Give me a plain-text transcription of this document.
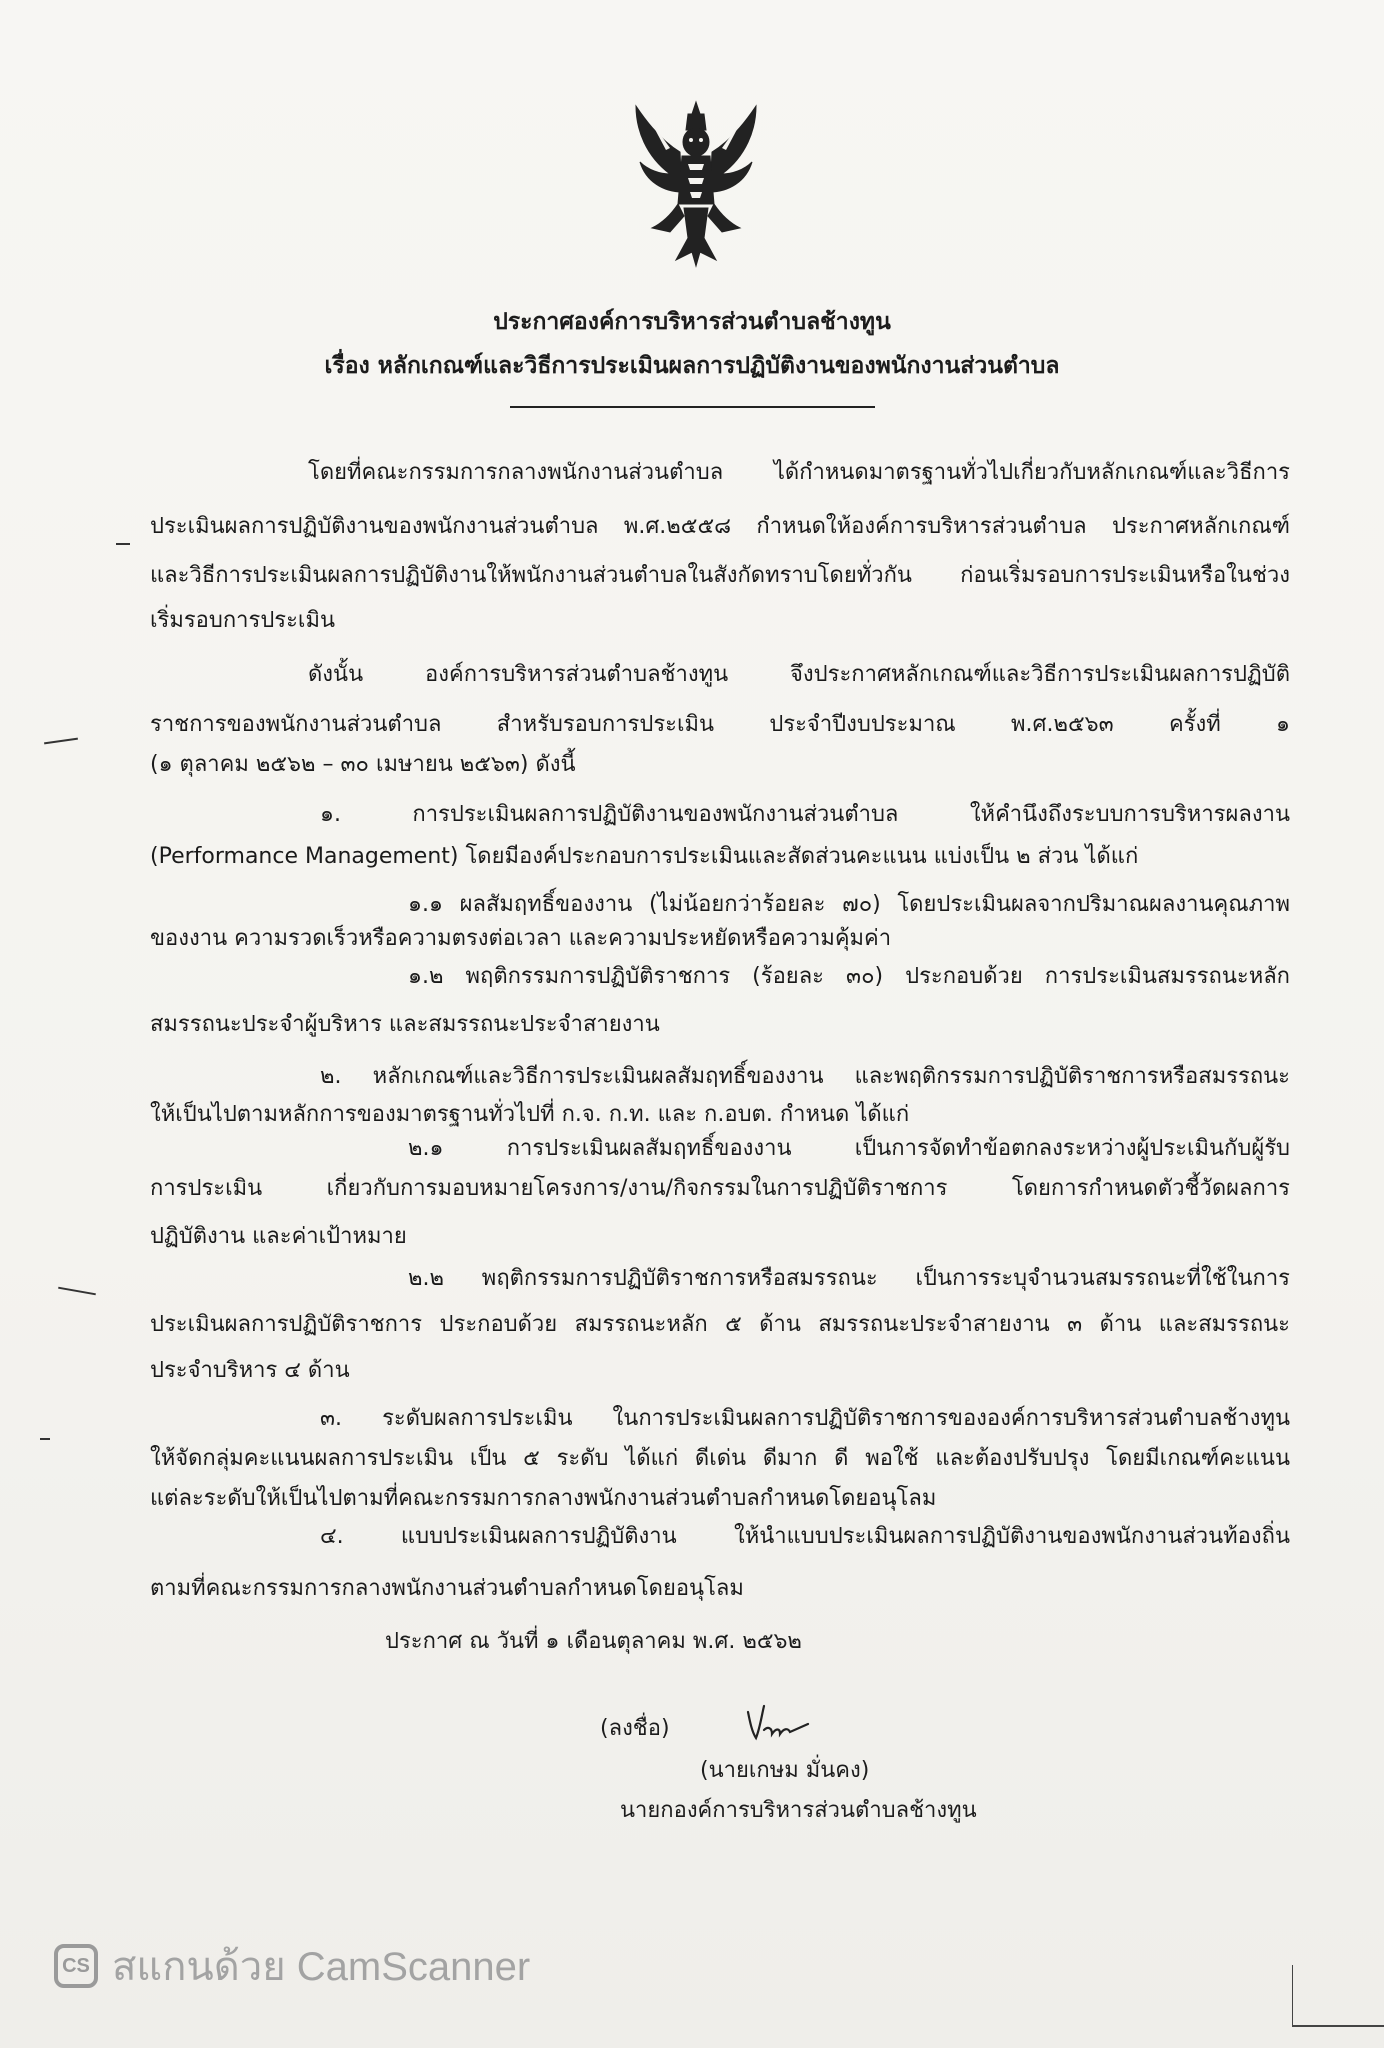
ประกาศองค์การบริหารส่วนตำบลช้างทูน
เรื่อง หลักเกณฑ์และวิธีการประเมินผลการปฏิบัติงานของพนักงานส่วนตำบล
โดยที่คณะกรรมการกลางพนักงานส่วนตำบล ได้กำหนดมาตรฐานทั่วไปเกี่ยวกับหลักเกณฑ์และวิธีการ
ประเมินผลการปฏิบัติงานของพนักงานส่วนตำบล พ.ศ.๒๕๕๘ กำหนดให้องค์การบริหารส่วนตำบล ประกาศหลักเกณฑ์
และวิธีการประเมินผลการปฏิบัติงานให้พนักงานส่วนตำบลในสังกัดทราบโดยทั่วกัน ก่อนเริ่มรอบการประเมินหรือในช่วง
เริ่มรอบการประเมิน
ดังนั้น องค์การบริหารส่วนตำบลช้างทูน จึงประกาศหลักเกณฑ์และวิธีการประเมินผลการปฏิบัติ
ราชการของพนักงานส่วนตำบล สำหรับรอบการประเมิน ประจำปีงบประมาณ พ.ศ.๒๕๖๓ ครั้งที่ ๑
(๑ ตุลาคม ๒๕๖๒ – ๓๐ เมษายน ๒๕๖๓) ดังนี้
๑. การประเมินผลการปฏิบัติงานของพนักงานส่วนตำบล ให้คำนึงถึงระบบการบริหารผลงาน
(Performance Management) โดยมีองค์ประกอบการประเมินและสัดส่วนคะแนน แบ่งเป็น ๒ ส่วน ได้แก่
๑.๑ ผลสัมฤทธิ์ของงาน (ไม่น้อยกว่าร้อยละ ๗๐) โดยประเมินผลจากปริมาณผลงานคุณภาพ
ของงาน ความรวดเร็วหรือความตรงต่อเวลา และความประหยัดหรือความคุ้มค่า
๑.๒ พฤติกรรมการปฏิบัติราชการ (ร้อยละ ๓๐) ประกอบด้วย การประเมินสมรรถนะหลัก
สมรรถนะประจำผู้บริหาร และสมรรถนะประจำสายงาน
๒. หลักเกณฑ์และวิธีการประเมินผลสัมฤทธิ์ของงาน และพฤติกรรมการปฏิบัติราชการหรือสมรรถนะ
ให้เป็นไปตามหลักการของมาตรฐานทั่วไปที่ ก.จ. ก.ท. และ ก.อบต. กำหนด ได้แก่
๒.๑ การประเมินผลสัมฤทธิ์ของงาน เป็นการจัดทำข้อตกลงระหว่างผู้ประเมินกับผู้รับ
การประเมิน เกี่ยวกับการมอบหมายโครงการ/งาน/กิจกรรมในการปฏิบัติราชการ โดยการกำหนดตัวชี้วัดผลการ
ปฏิบัติงาน และค่าเป้าหมาย
๒.๒ พฤติกรรมการปฏิบัติราชการหรือสมรรถนะ เป็นการระบุจำนวนสมรรถนะที่ใช้ในการ
ประเมินผลการปฏิบัติราชการ ประกอบด้วย สมรรถนะหลัก ๕ ด้าน สมรรถนะประจำสายงาน ๓ ด้าน และสมรรถนะ
ประจำบริหาร ๔ ด้าน
๓. ระดับผลการประเมิน ในการประเมินผลการปฏิบัติราชการขององค์การบริหารส่วนตำบลช้างทูน
ให้จัดกลุ่มคะแนนผลการประเมิน เป็น ๕ ระดับ ได้แก่ ดีเด่น ดีมาก ดี พอใช้ และต้องปรับปรุง โดยมีเกณฑ์คะแนน
แต่ละระดับให้เป็นไปตามที่คณะกรรมการกลางพนักงานส่วนตำบลกำหนดโดยอนุโลม
๔. แบบประเมินผลการปฏิบัติงาน ให้นำแบบประเมินผลการปฏิบัติงานของพนักงานส่วนท้องถิ่น
ตามที่คณะกรรมการกลางพนักงานส่วนตำบลกำหนดโดยอนุโลม
ประกาศ ณ วันที่ ๑ เดือนตุลาคม พ.ศ. ๒๕๖๒
(ลงชื่อ)
(นายเกษม มั่นคง)
นายกองค์การบริหารส่วนตำบลช้างทูน
CS สแกนด้วย CamScanner
